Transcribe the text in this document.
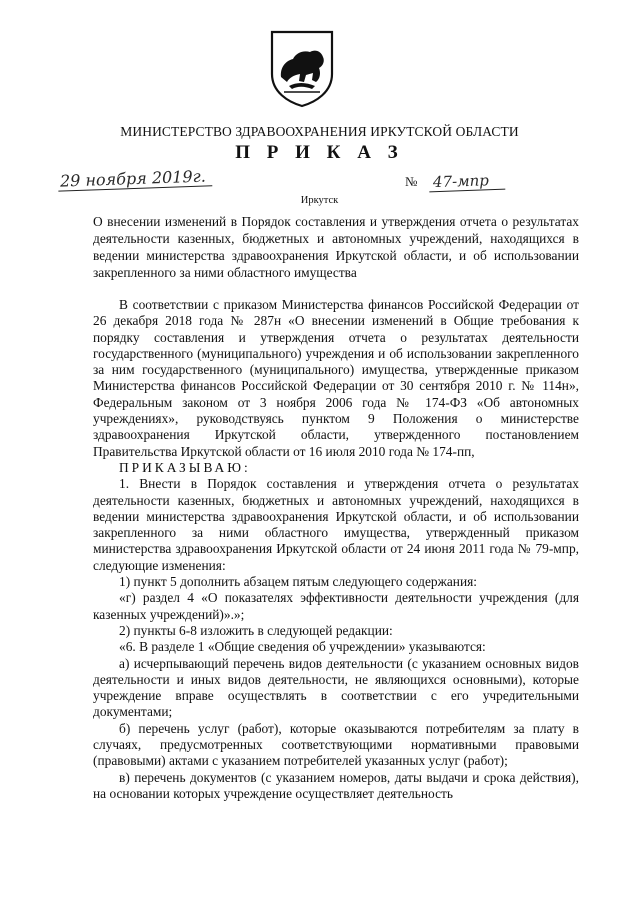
МИНИСТЕРСТВО ЗДРАВООХРАНЕНИЯ ИРКУТСКОЙ ОБЛАСТИ
П Р И К А З
29 ноября 2019г.	№ 47-мпр
Иркутск
О внесении изменений в Порядок составления и утверждения отчета о результатах деятельности казенных, бюджетных и автономных учреждений, находящихся в ведении министерства здравоохранения Иркутской области, и об использовании закрепленного за ними областного имущества

В соответствии с приказом Министерства финансов Российской Федерации от 26 декабря 2018 года № 287н «О внесении изменений в Общие требования к порядку составления и утверждения отчета о результатах деятельности государственного (муниципального) учреждения и об использовании закрепленного за ним государственного (муниципального) имущества, утвержденные приказом Министерства финансов Российской Федерации от 30 сентября 2010 г. № 114н», Федеральным законом от 3 ноября 2006 года № 174-ФЗ «Об автономных учреждениях», руководствуясь пунктом 9 Положения о министерстве здравоохранения Иркутской области, утвержденного постановлением Правительства Иркутской области от 16 июля 2010 года № 174-пп,

ПРИКАЗЫВАЮ:

1. Внести в Порядок составления и утверждения отчета о результатах деятельности казенных, бюджетных и автономных учреждений, находящихся в ведении министерства здравоохранения Иркутской области, и об использовании закрепленного за ними областного имущества, утвержденный приказом министерства здравоохранения Иркутской области от 24 июня 2011 года № 79-мпр, следующие изменения:

1) пункт 5 дополнить абзацем пятым следующего содержания:

«г) раздел 4 «О показателях эффективности деятельности учреждения (для казенных учреждений)».»;

2) пункты 6-8 изложить в следующей редакции:

«6. В разделе 1 «Общие сведения об учреждении» указываются:

а) исчерпывающий перечень видов деятельности (с указанием основных видов деятельности и иных видов деятельности, не являющихся основными), которые учреждение вправе осуществлять в соответствии с его учредительными документами;

б) перечень услуг (работ), которые оказываются потребителям за плату в случаях, предусмотренных соответствующими нормативными правовыми (правовыми) актами с указанием потребителей указанных услуг (работ);

в) перечень документов (с указанием номеров, даты выдачи и срока действия), на основании которых учреждение осуществляет деятельность
